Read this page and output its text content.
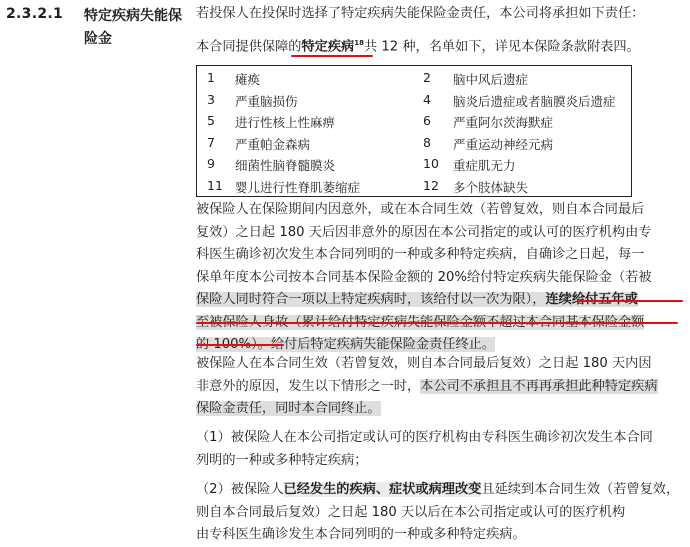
2.3.2.1 特定疾病失能保
险金
若投保人在投保时选择了特定疾病失能保险金责任，本公司将承担如下责任：
本合同提供保障的特定疾病$^{18}$共 12 种，名单如下，详见本保险条款附表四。
1 瘫痪	2 脑中风后遗症
3 严重脑损伤	4 脑炎后遗症或者脑膜炎后遗症
5 进行性核上性麻痹	6 严重阿尔茨海默症
7 严重帕金森病	8 严重运动神经元病
9 细菌性脑脊髓膜炎	10 重症肌无力
11 婴儿进行性脊肌萎缩症	12 多个肢体缺失
被保险人在保险期间内因意外，或在本合同生效（若曾复效，则自本合同最后
复效）之日起 180 天后因非意外的原因在本公司指定的或认可的医疗机构由专
科医生确诊初次发生本合同列明的一种或多种特定疾病，自确诊之日起，每一
保单年度本公司按本合同基本保险金额的 20%给付特定疾病失能保险金（若被
保险人同时符合一项以上特定疾病时，该给付以一次为限），连续给付五年或
至被保险人身故（累计给付特定疾病失能保险金额不超过本合同基本保险金额
的 100%）。给付后特定疾病失能保险金责任终止。
被保险人在本合同生效（若曾复效，则自本合同最后复效）之日起 180 天内因
非意外的原因，发生以下情形之一时，本公司不承担且不再再承担此种特定疾病
保险金责任，同时本合同终止。
（1）被保险人在本公司指定或认可的医疗机构由专科医生确诊初次发生本合同
列明的一种或多种特定疾病；
（2）被保险人已经发生的疾病、症状或病理改变且延续到本合同生效（若曾复效，
则自本合同最后复效）之日起 180 天以后在本公司指定或认可的医疗机构
由专科医生确诊发生本合同列明的一种或多种特定疾病。
